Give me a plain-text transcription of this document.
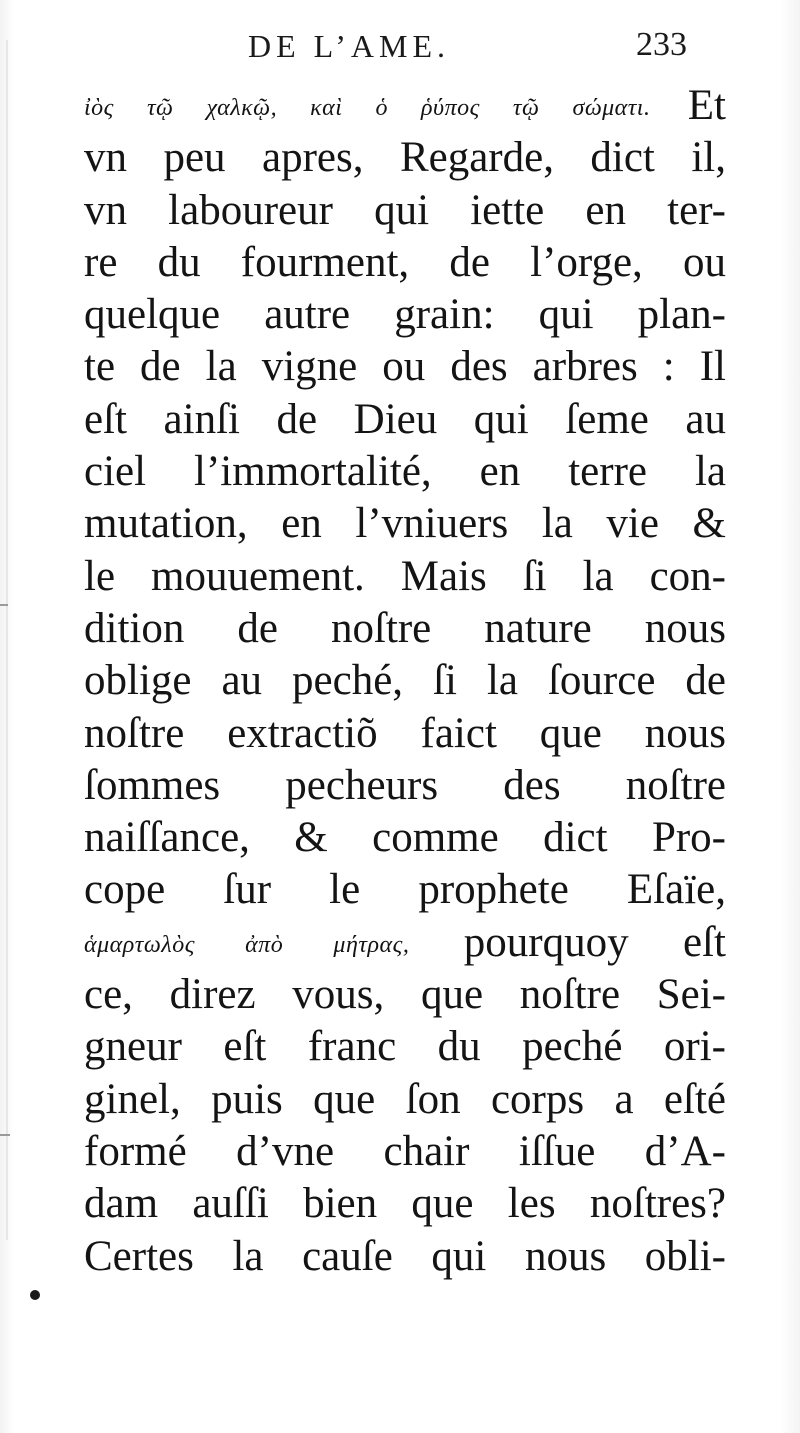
DE L’AME.	233
ἰὸς τῷ χαλκῷ, καὶ ὁ ῥύπος τῷ σώματι. Et
vn peu apres, Regarde, dict il,
vn laboureur qui iette en ter-
re du fourment, de l’orge, ou
quelque autre grain: qui plan-
te de la vigne ou des arbres : Il
eſt ainſi de Dieu qui ſeme au
ciel l’immortalité, en terre la
mutation, en l’vniuers la vie &
le mouuement. Mais ſi la con-
dition de noſtre nature nous
oblige au peché, ſi la ſource de
noſtre extractiõ faict que nous
ſommes pecheurs des noſtre
naiſſance, & comme dict Pro-
cope ſur le prophete Eſaïe,
ἁμαρτωλὸς ἀπὸ μήτρας, pourquoy eſt
ce, direz vous, que noſtre Sei-
gneur eſt franc du peché ori-
ginel, puis que ſon corps a eſté
formé d’vne chair iſſue d’A-
dam auſſi bien que les noſtres?
Certes la cauſe qui nous obli-
